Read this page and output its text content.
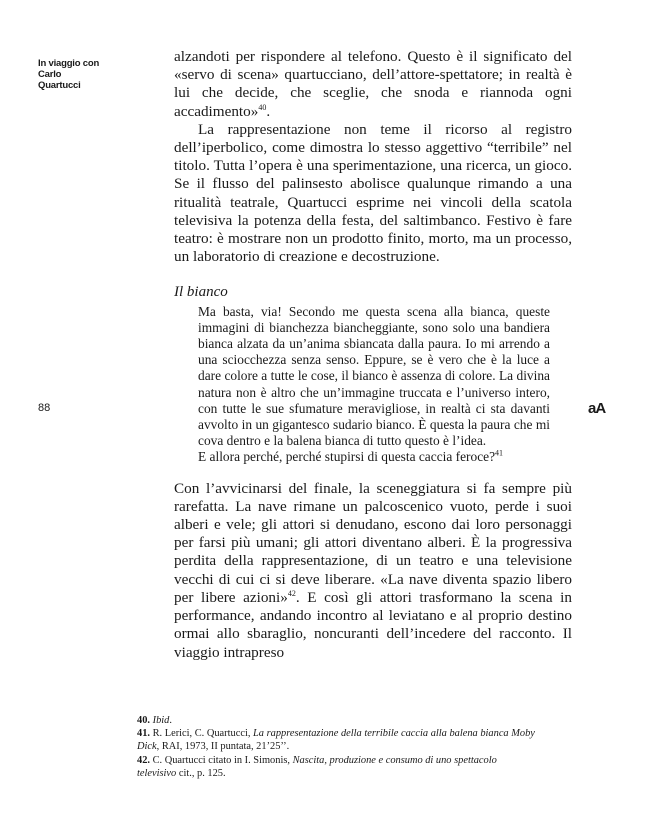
In viaggio con
Carlo
Quartucci
88	aA

alzandoti per rispondere al telefono. Questo è il significato del «servo di scena» quartucciano, dell’attore-spettatore; in realtà è lui che decide, che sceglie, che snoda e riannoda ogni accadimento»$^{40}$.

La rappresentazione non teme il ricorso al registro dell’iperbolico, come dimostra lo stesso aggettivo “terribile” nel titolo. Tutta l’opera è una sperimentazione, una ricerca, un gioco. Se il flusso del palinsesto abolisce qualunque rimando a una ritualità teatrale, Quartucci esprime nei vincoli della scatola televisiva la potenza della festa, del saltimbanco. Festivo è fare teatro: è mostrare non un prodotto finito, morto, ma un processo, un laboratorio di creazione e decostruzione.

Il bianco

Ma basta, via! Secondo me questa scena alla bianca, queste immagini di bianchezza biancheggiante, sono solo una bandiera bianca alzata da un’anima sbiancata dalla paura. Io mi arrendo a una sciocchezza senza senso. Eppure, se è vero che è la luce a dare colore a tutte le cose, il bianco è assenza di colore. La divina natura non è altro che un’immagine truccata e l’universo intero, con tutte le sue sfumature meravigliose, in realtà ci sta davanti avvolto in un gigantesco sudario bianco. È questa la paura che mi cova dentro e la balena bianca di tutto questo è l’idea.

E allora perché, perché stupirsi di questa caccia feroce?$^{41}$

Con l’avvicinarsi del finale, la sceneggiatura si fa sempre più rarefatta. La nave rimane un palcoscenico vuoto, perde i suoi alberi e vele; gli attori si denudano, escono dai loro personaggi per farsi più umani; gli attori diventano alberi. È la progressiva perdita della rappresentazione, di un teatro e una televisione vecchi di cui ci si deve liberare. «La nave diventa spazio libero per libere azioni»$^{42}$. E così gli attori trasformano la scena in performance, andando incontro al leviatano e al proprio destino ormai allo sbaraglio, noncuranti dell’incedere del racconto. Il viaggio intrapreso

40. Ibid.

41. R. Lerici, C. Quartucci, La rappresentazione della terribile caccia alla balena bianca Moby Dick, RAI, 1973, II puntata, 21’25’’.

42. C. Quartucci citato in I. Simonis, Nascita, produzione e consumo di uno spettacolo televisivo cit., p. 125.
